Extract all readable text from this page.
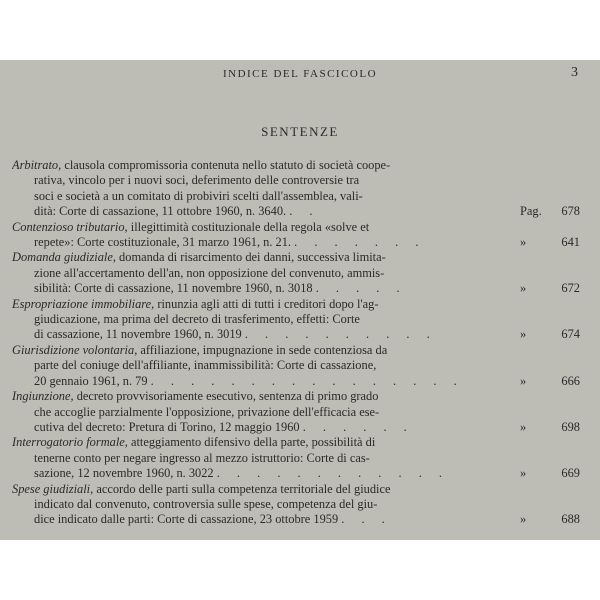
INDICE DEL FASCICOLO	3
SENTENZE
Arbitrato, clausola compromissoria contenuta nello statuto di società coope-
rativa, vincolo per i nuovi soci, deferimento delle controversie tra
soci e società a un comitato di probiviri scelti dall'assemblea, vali-
dità: Corte di cassazione, 11 ottobre 1960, n. 3640. . .	Pag. 678
Contenzioso tributario, illegittimità costituzionale della regola «solve et
repete»: Corte costituzionale, 31 marzo 1961, n. 21. . . . . . . .	»	641
Domanda giudiziale, domanda di risarcimento dei danni, successiva limita-
zione all'accertamento dell'an, non opposizione del convenuto, ammis-
sibilità: Corte di cassazione, 11 novembre 1960, n. 3018 . . . . .	»	672
Espropriazione immobiliare, rinunzia agli atti di tutti i creditori dopo l'ag-
giudicazione, ma prima del decreto di trasferimento, effetti: Corte
di cassazione, 11 novembre 1960, n. 3019 . . . . . . . . . .	»	674
Giurisdizione volontaria, affiliazione, impugnazione in sede contenziosa da
parte del coniuge dell'affiliante, inammissibilità: Corte di cassazione,
20 gennaio 1961, n. 79 . . . . . . . . . . . . . . . .	»	666
Ingiunzione, decreto provvisoriamente esecutivo, sentenza di primo grado
che accoglie parzialmente l'opposizione, privazione dell'efficacia ese-
cutiva del decreto: Pretura di Torino, 12 maggio 1960 . . . . . .	»	698
Interrogatorio formale, atteggiamento difensivo della parte, possibilità di
tenerne conto per negare ingresso al mezzo istruttorio: Corte di cas-
sazione, 12 novembre 1960, n. 3022 . . . . . . . . . . . .	»	669
Spese giudiziali, accordo delle parti sulla competenza territoriale del giudice
indicato dal convenuto, controversia sulle spese, competenza del giu-
dice indicato dalle parti: Corte di cassazione, 23 ottobre 1959 . . .	»	688
